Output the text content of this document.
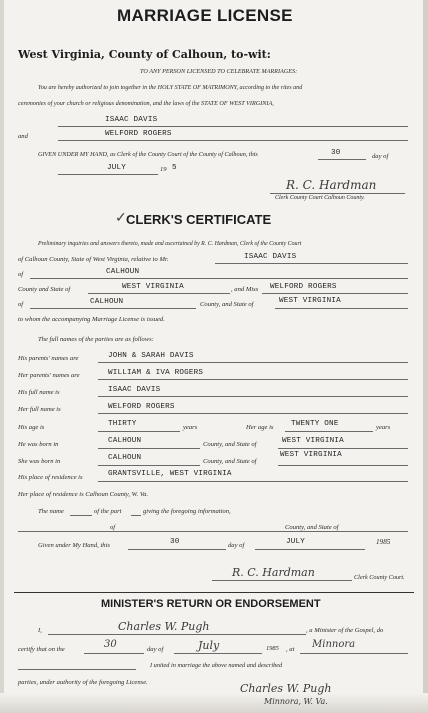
MARRIAGE LICENSE
West Virginia, County of Calhoun, to-wit:
TO ANY PERSON LICENSED TO CELEBRATE MARRIAGES:
You are hereby authorized to join together in the HOLY STATE OF MATRIMONY, according to the rites and
ceremonies of your church or religious denomination, and the laws of the STATE OF WEST VIRGINIA,
ISAAC DAVIS
and	WELFORD ROGERS
GIVEN UNDER MY HAND, as Clerk of the County Court of the County of Calhoun, this	30	day of
JULY	19 5
R. C. Hardman
Clerk County Court Calhoun County.
✓ CLERK'S CERTIFICATE
Preliminary inquiries and answers thereto, made and ascertained by R. C. Hardman, Clerk of the County Court
of Calhoun County, State of West Virginia, relative to Mr.	ISAAC DAVIS
of	CALHOUN
County and State of	WEST VIRGINIA	, and Miss WELFORD ROGERS
of	CALHOUN	County, and State of	WEST VIRGINIA
to whom the accompanying Marriage License is issued.
The full names of the parties are as follows:
His parents' names are	JOHN & SARAH DAVIS
Her parents' names are	WILLIAM & IVA ROGERS
His full name is	ISAAC DAVIS
Her full name is	WELFORD ROGERS
His age is	THIRTY	years	Her age is TWENTY ONE	years
He was born in	CALHOUN	County, and State of	WEST VIRGINIA
She was born in	CALHOUN	County, and State of
WEST VIRGINIA
His place of residence is	GRANTSVILLE, WEST VIRGINIA
Her place of residence is Calhoun County, W. Va.
The name	of the part	giving the foregoing information,
of	County, and State of
Given under My Hand, this	30	day of	JULY	1985
R. C. Hardman	Clerk County Court.
MINISTER'S RETURN OR ENDORSEMENT
I,	Charles W. Pugh	, a Minister of the Gospel, do
certify that on the	30	day of	July	1985 , at Minnora
I united in marriage the above named and described
parties, under authority of the foregoing License.	Charles W. Pugh
Minnora, W. Va.
